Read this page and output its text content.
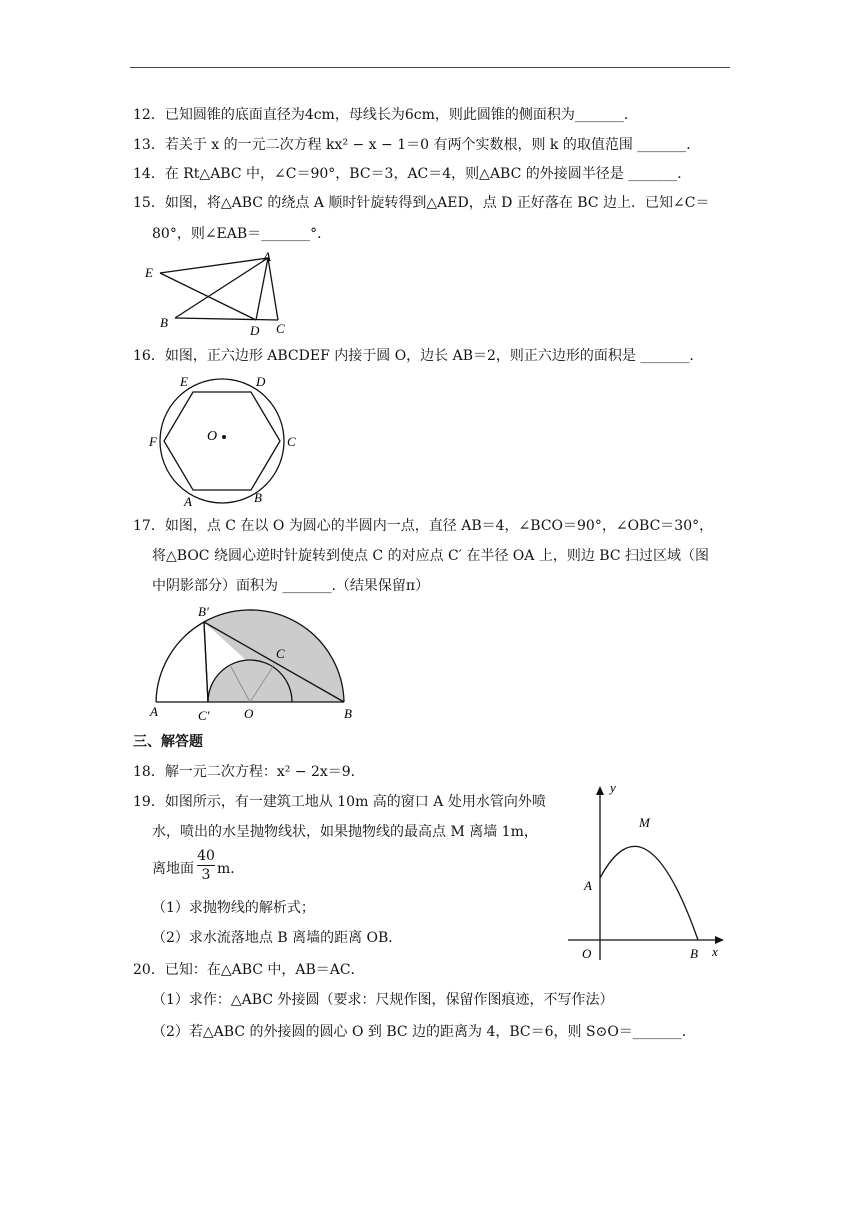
12．已知圆锥的底面直径为4cm，母线长为6cm，则此圆锥的侧面积为_______．
13．若关于 x 的一元二次方程 kx² − x − 1＝0 有两个实数根，则 k 的取值范围 _______．
14．在 Rt△ABC 中，∠C＝90°，BC＝3，AC＝4，则△ABC 的外接圆半径是 _______．
15．如图，将△ABC 的绕点 A 顺时针旋转得到△AED，点 D 正好落在 BC 边上．已知∠C＝
80°，则∠EAB＝_______°．
E
A
B
D C
16．如图，正六边形 ABCDEF 内接于圆 O，边长 AB＝2，则正六边形的面积是 _______．
O
A	B
C
D
E
F
17．如图，点 C 在以 O 为圆心的半圆内一点，直径 AB＝4，∠BCO＝90°，∠OBC＝30°，
将△BOC 绕圆心逆时针旋转到使点 C 的对应点 C′ 在半径 OA 上，则边 BC 扫过区域（图
中阴影部分）面积为 _______.（结果保留π）
B′
C
A	C′	O	B
三、解答题
18．解一元二次方程：x² − 2x＝9．
19．如图所示，有一建筑工地从 10m 高的窗口 A 处用水管向外喷
水，喷出的水呈抛物线状，如果抛物线的最高点 M 离墙 1m，
离地面
40
3 m．
（1）求抛物线的解析式；
（2）求水流落地点 B 离墙的距离 OB．
y
x
M
A
O	B
20．已知：在△ABC 中，AB＝AC．
（1）求作：△ABC 外接圆（要求：尺规作图，保留作图痕迹，不写作法）
（2）若△ABC 的外接圆的圆心 O 到 BC 边的距离为 4，BC＝6，则 S⊙O＝_______．
